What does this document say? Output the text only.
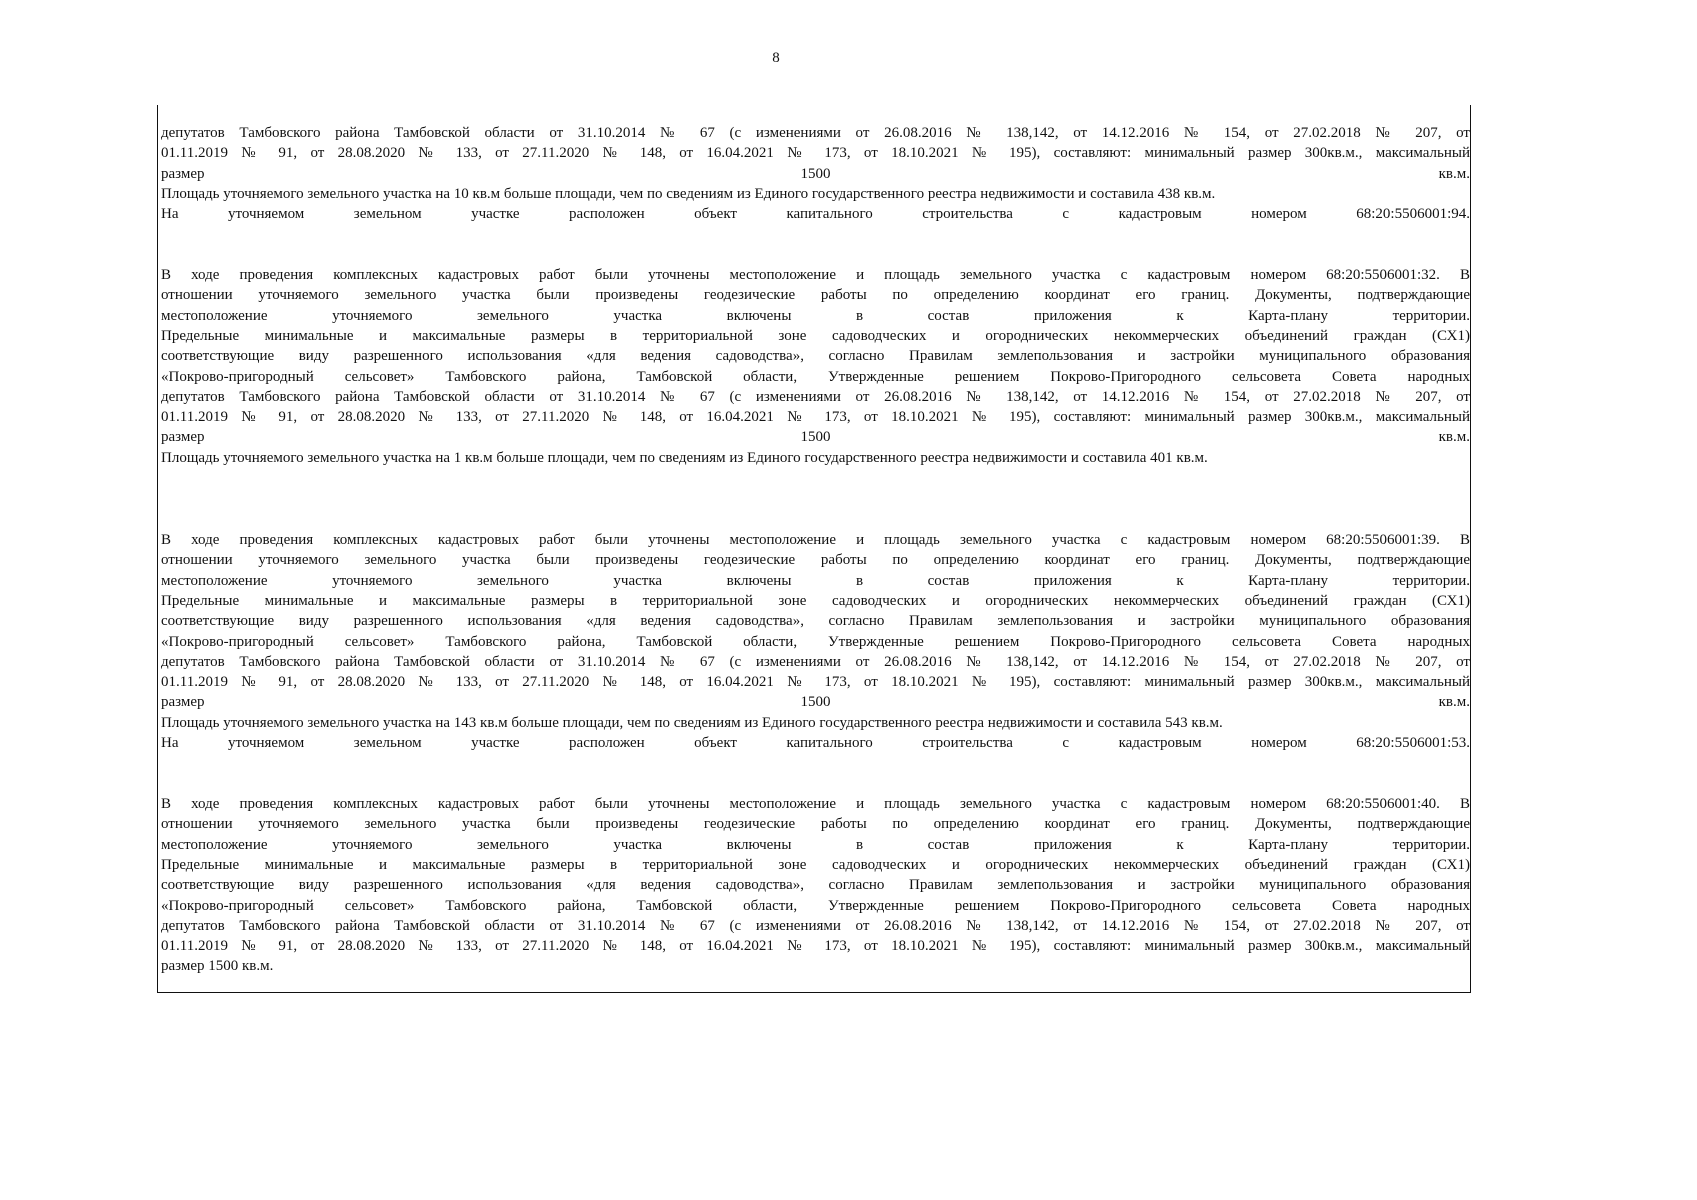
8
депутатов Тамбовского района Тамбовской области от 31.10.2014 № 67 (с изменениями от 26.08.2016 № 138,142, от 14.12.2016 № 154, от 27.02.2018 № 207, от
01.11.2019 № 91, от 28.08.2020 № 133, от 27.11.2020 № 148, от 16.04.2021 № 173, от 18.10.2021 № 195), составляют: минимальный размер 300кв.м., максимальный
размер	1500	кв.м.
Площадь уточняемого земельного участка на 10 кв.м больше площади, чем по сведениям из Единого государственного реестра недвижимости и составила 438 кв.м.
На уточняемом земельном участке расположен объект капитального строительства с кадастровым номером 68:20:5506001:94.
В ходе проведения комплексных кадастровых работ были уточнены местоположение и площадь земельного участка с кадастровым номером 68:20:5506001:32. В
отношении уточняемого земельного участка были произведены геодезические работы по определению координат его границ. Документы, подтверждающие
местоположение уточняемого земельного участка включены в состав приложения к Карта-плану территории.
Предельные минимальные и максимальные размеры в территориальной зоне садоводческих и огороднических некоммерческих объединений граждан (СХ1)
соответствующие виду разрешенного использования «для ведения садоводства», согласно Правилам землепользования и застройки муниципального образования
«Покрово-пригородный сельсовет» Тамбовского района, Тамбовской области, Утвержденные решением Покрово-Пригородного сельсовета Совета народных
депутатов Тамбовского района Тамбовской области от 31.10.2014 № 67 (с изменениями от 26.08.2016 № 138,142, от 14.12.2016 № 154, от 27.02.2018 № 207, от
01.11.2019 № 91, от 28.08.2020 № 133, от 27.11.2020 № 148, от 16.04.2021 № 173, от 18.10.2021 № 195), составляют: минимальный размер 300кв.м., максимальный
размер	1500	кв.м.
Площадь уточняемого земельного участка на 1 кв.м больше площади, чем по сведениям из Единого государственного реестра недвижимости и составила 401 кв.м.
В ходе проведения комплексных кадастровых работ были уточнены местоположение и площадь земельного участка с кадастровым номером 68:20:5506001:39. В
отношении уточняемого земельного участка были произведены геодезические работы по определению координат его границ. Документы, подтверждающие
местоположение уточняемого земельного участка включены в состав приложения к Карта-плану территории.
Предельные минимальные и максимальные размеры в территориальной зоне садоводческих и огороднических некоммерческих объединений граждан (СХ1)
соответствующие виду разрешенного использования «для ведения садоводства», согласно Правилам землепользования и застройки муниципального образования
«Покрово-пригородный сельсовет» Тамбовского района, Тамбовской области, Утвержденные решением Покрово-Пригородного сельсовета Совета народных
депутатов Тамбовского района Тамбовской области от 31.10.2014 № 67 (с изменениями от 26.08.2016 № 138,142, от 14.12.2016 № 154, от 27.02.2018 № 207, от
01.11.2019 № 91, от 28.08.2020 № 133, от 27.11.2020 № 148, от 16.04.2021 № 173, от 18.10.2021 № 195), составляют: минимальный размер 300кв.м., максимальный
размер	1500	кв.м.
Площадь уточняемого земельного участка на 143 кв.м больше площади, чем по сведениям из Единого государственного реестра недвижимости и составила 543 кв.м.
На уточняемом земельном участке расположен объект капитального строительства с кадастровым номером 68:20:5506001:53.
В ходе проведения комплексных кадастровых работ были уточнены местоположение и площадь земельного участка с кадастровым номером 68:20:5506001:40. В
отношении уточняемого земельного участка были произведены геодезические работы по определению координат его границ. Документы, подтверждающие
местоположение уточняемого земельного участка включены в состав приложения к Карта-плану территории.
Предельные минимальные и максимальные размеры в территориальной зоне садоводческих и огороднических некоммерческих объединений граждан (СХ1)
соответствующие виду разрешенного использования «для ведения садоводства», согласно Правилам землепользования и застройки муниципального образования
«Покрово-пригородный сельсовет» Тамбовского района, Тамбовской области, Утвержденные решением Покрово-Пригородного сельсовета Совета народных
депутатов Тамбовского района Тамбовской области от 31.10.2014 № 67 (с изменениями от 26.08.2016 № 138,142, от 14.12.2016 № 154, от 27.02.2018 № 207, от
01.11.2019 № 91, от 28.08.2020 № 133, от 27.11.2020 № 148, от 16.04.2021 № 173, от 18.10.2021 № 195), составляют: минимальный размер 300кв.м., максимальный
размер 1500 кв.м.
